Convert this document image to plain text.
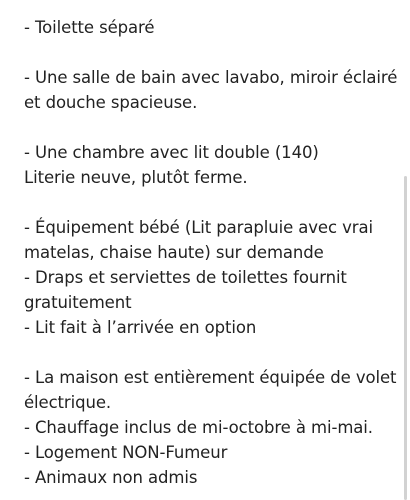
- Toilette séparé
- Une salle de bain avec lavabo, miroir éclairé
et douche spacieuse.
- Une chambre avec lit double (140)
Literie neuve, plutôt ferme.
- Équipement bébé (Lit parapluie avec vrai
matelas, chaise haute) sur demande
- Draps et serviettes de toilettes fournit
gratuitement
- Lit fait à l’arrivée en option
- La maison est entièrement équipée de volet
électrique.
- Chauffage inclus de mi-octobre à mi-mai.
- Logement NON-Fumeur
- Animaux non admis
